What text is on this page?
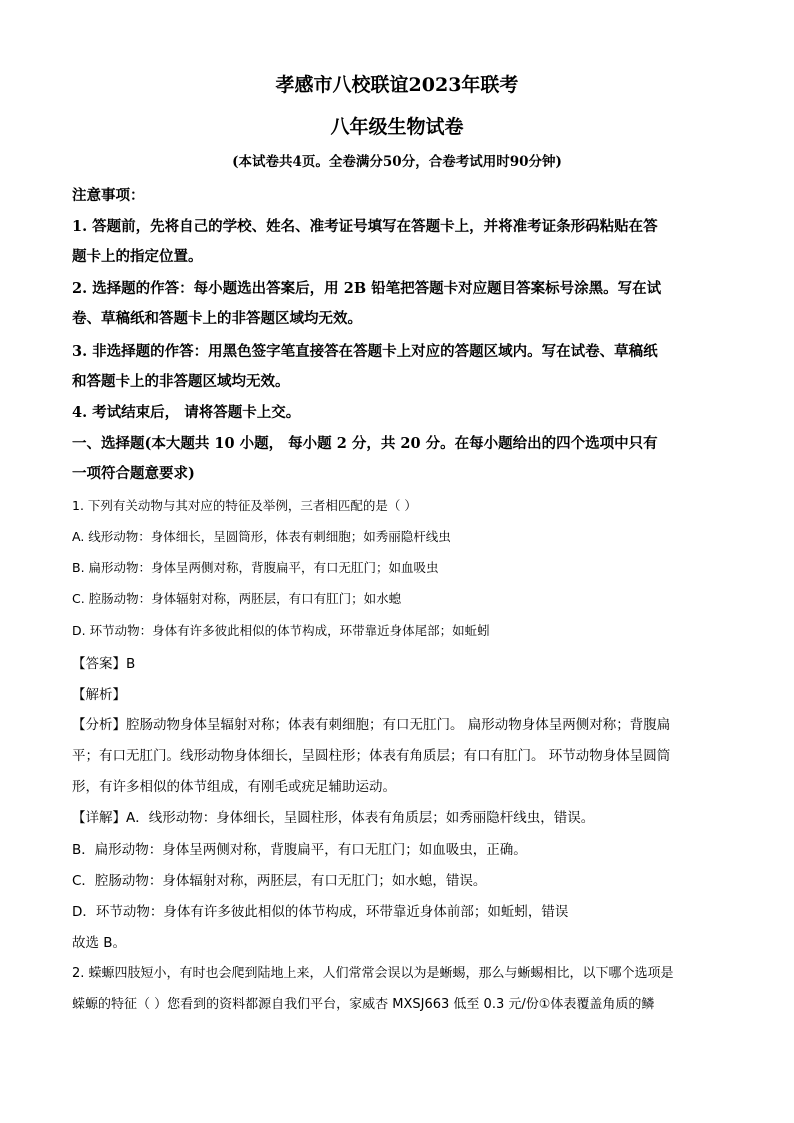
孝感市八校联谊2023年联考
八年级生物试卷
(本试卷共4页。全卷满分50分，合卷考试用时90分钟)
注意事项：
1. 答题前，先将自己的学校、姓名、准考证号填写在答题卡上，并将准考证条形码粘贴在答
题卡上的指定位置。
2. 选择题的作答：每小题选出答案后，用 2B 铅笔把答题卡对应题目答案标号涂黑。写在试
卷、草稿纸和答题卡上的非答题区域均无效。
3. 非选择题的作答：用黑色签字笔直接答在答题卡上对应的答题区域内。写在试卷、草稿纸
和答题卡上的非答题区域均无效。
4. 考试结束后， 请将答题卡上交。
一、选择题(本大题共 10 小题， 每小题 2 分，共 20 分。在每小题给出的四个选项中只有
一项符合题意要求)
1. 下列有关动物与其对应的特征及举例，三者相匹配的是（ ）
A. 线形动物：身体细长，呈圆筒形，体表有刺细胞；如秀丽隐杆线虫
B. 扁形动物：身体呈两侧对称，背腹扁平，有口无肛门；如血吸虫
C. 腔肠动物：身体辐射对称，两胚层，有口有肛门；如水螅
D. 环节动物：身体有许多彼此相似的体节构成，环带靠近身体尾部；如蚯蚓
【答案】B
【解析】
【分析】腔肠动物身体呈辐射对称；体表有刺细胞；有口无肛门。 扁形动物身体呈两侧对称；背腹扁
平；有口无肛门。线形动物身体细长，呈圆柱形；体表有角质层；有口有肛门。 环节动物身体呈圆筒
形，有许多相似的体节组成，有刚毛或疣足辅助运动。
【详解】A．线形动物：身体细长，呈圆柱形，体表有角质层；如秀丽隐杆线虫，错误。
B．扁形动物：身体呈两侧对称，背腹扁平，有口无肛门；如血吸虫，正确。
C．腔肠动物：身体辐射对称，两胚层，有口无肛门；如水螅，错误。
D．环节动物：身体有许多彼此相似的体节构成，环带靠近身体前部；如蚯蚓，错误
故选 B。
2. 蝾螈四肢短小，有时也会爬到陆地上来，人们常常会误以为是蜥蜴，那么与蜥蜴相比，以下哪个选项是
蝾螈的特征（ ）您看到的资料都源自我们平台，家威杏 MXSJ663 低至 0.3 元/份①体表覆盖角质的鳞
